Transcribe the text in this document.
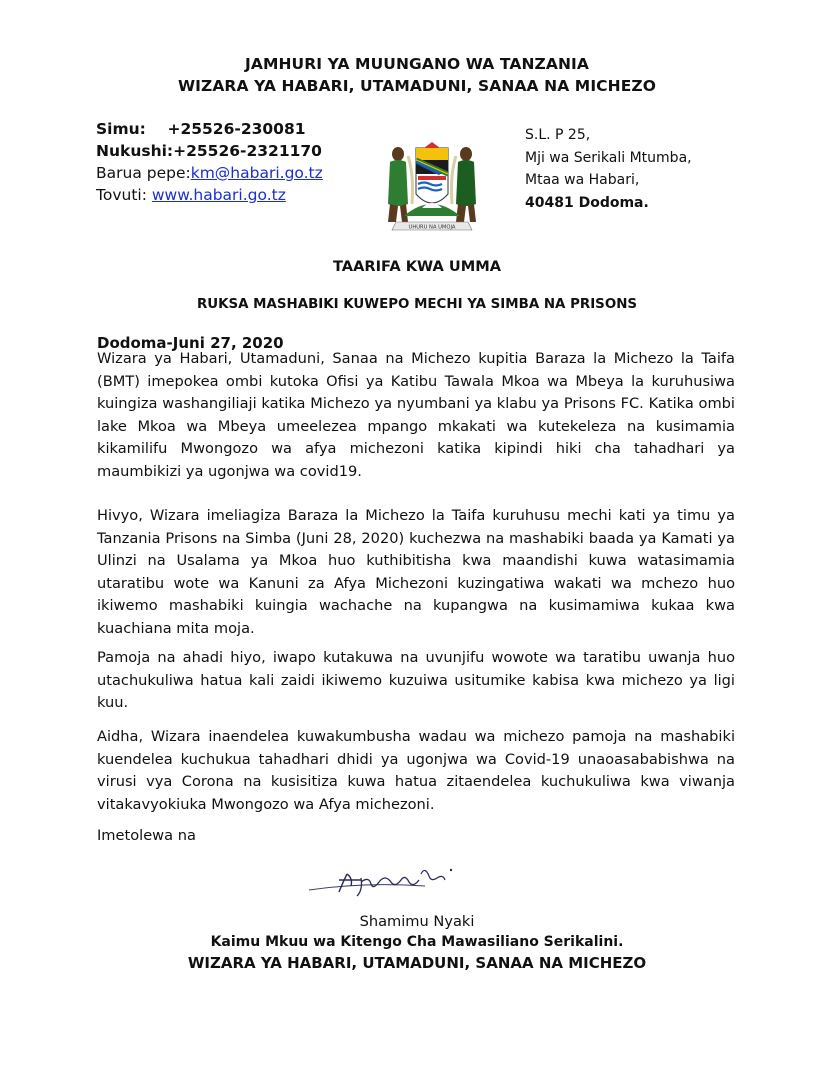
JAMHURI YA MUUNGANO WA TANZANIA
WIZARA YA HABARI, UTAMADUNI, SANAA NA MICHEZO
Simu: +25526-230081
Nukushi:+25526-2321170
Barua pepe:km@habari.go.tz
Tovuti: www.habari.go.tz
UHURU NA UMOJA
S.L. P 25,
Mji wa Serikali Mtumba,
Mtaa wa Habari,
40481 Dodoma.
TAARIFA KWA UMMA
RUKSA MASHABIKI KUWEPO MECHI YA SIMBA NA PRISONS
Dodoma-Juni 27, 2020
Wizara ya Habari, Utamaduni, Sanaa na Michezo kupitia Baraza la Michezo la Taifa (BMT) imepokea ombi kutoka Ofisi ya Katibu Tawala Mkoa wa Mbeya la kuruhusiwa kuingiza washangiliaji katika Michezo ya nyumbani ya klabu ya Prisons FC. Katika ombi lake Mkoa wa Mbeya umeelezea mpango mkakati wa kutekeleza na kusimamia kikamilifu Mwongozo wa afya michezoni katika kipindi hiki cha tahadhari ya maumbikizi ya ugonjwa wa covid19.
Hivyo, Wizara imeliagiza Baraza la Michezo la Taifa kuruhusu mechi kati ya timu ya Tanzania Prisons na Simba (Juni 28, 2020) kuchezwa na mashabiki baada ya Kamati ya Ulinzi na Usalama ya Mkoa huo kuthibitisha kwa maandishi kuwa watasimamia utaratibu wote wa Kanuni za Afya Michezoni kuzingatiwa wakati wa mchezo huo ikiwemo mashabiki kuingia wachache na kupangwa na kusimamiwa kukaa kwa kuachiana mita moja.
Pamoja na ahadi hiyo, iwapo kutakuwa na uvunjifu wowote wa taratibu uwanja huo utachukuliwa hatua kali zaidi ikiwemo kuzuiwa usitumike kabisa kwa michezo ya ligi kuu.
Aidha, Wizara inaendelea kuwakumbusha wadau wa michezo pamoja na mashabiki kuendelea kuchukua tahadhari dhidi ya ugonjwa wa Covid-19 unaoasababishwa na virusi vya Corona na kusisitiza kuwa hatua zitaendelea kuchukuliwa kwa viwanja vitakavyokiuka Mwongozo wa Afya michezoni.
Imetolewa na
Shamimu Nyaki
Kaimu Mkuu wa Kitengo Cha Mawasiliano Serikalini.
WIZARA YA HABARI, UTAMADUNI, SANAA NA MICHEZO
